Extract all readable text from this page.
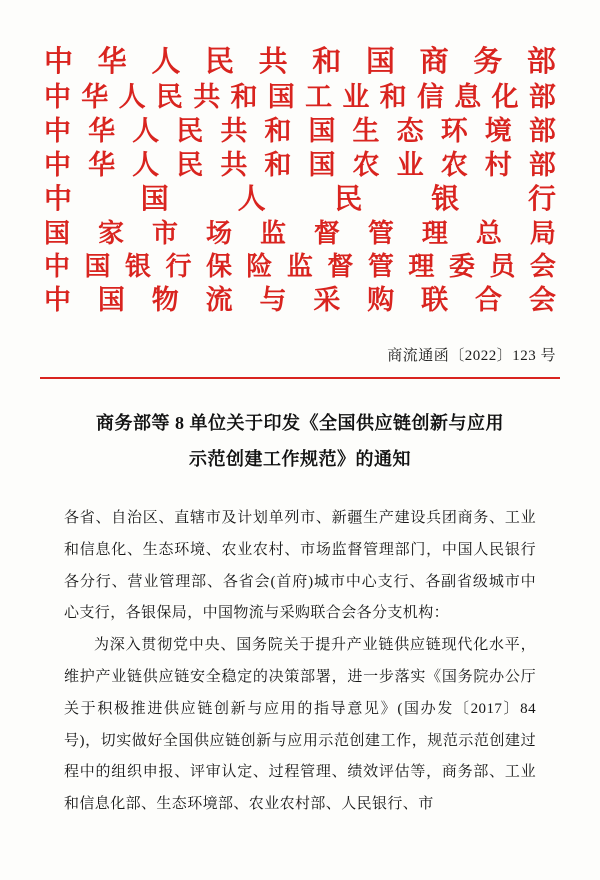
中 华 人 民 共 和 国 商 务 部
中 华 人 民 共 和 国 工 业 和 信 息 化 部
中 华 人 民 共 和 国 生 态 环 境 部
中 华 人 民 共 和 国 农 业 农 村 部
中 国 人 民 银 行
国 家 市 场 监 督 管 理 总 局
中 国 银 行 保 险 监 督 管 理 委 员 会
中 国 物 流 与 采 购 联 合 会
商流通函〔2022〕123 号
商务部等 8 单位关于印发《全国供应链创新与应用
示范创建工作规范》的通知

各省、自治区、直辖市及计划单列市、新疆生产建设兵团商务、工业和信息化、生态环境、农业农村、市场监督管理部门，中国人民银行各分行、营业管理部、各省会(首府)城市中心支行、各副省级城市中心支行，各银保局，中国物流与采购联合会各分支机构：

为深入贯彻党中央、国务院关于提升产业链供应链现代化水平，维护产业链供应链安全稳定的决策部署，进一步落实《国务院办公厅关于积极推进供应链创新与应用的指导意见》(国办发〔2017〕84 号)，切实做好全国供应链创新与应用示范创建工作，规范示范创建过程中的组织申报、评审认定、过程管理、绩效评估等，商务部、工业和信息化部、生态环境部、农业农村部、人民银行、市
